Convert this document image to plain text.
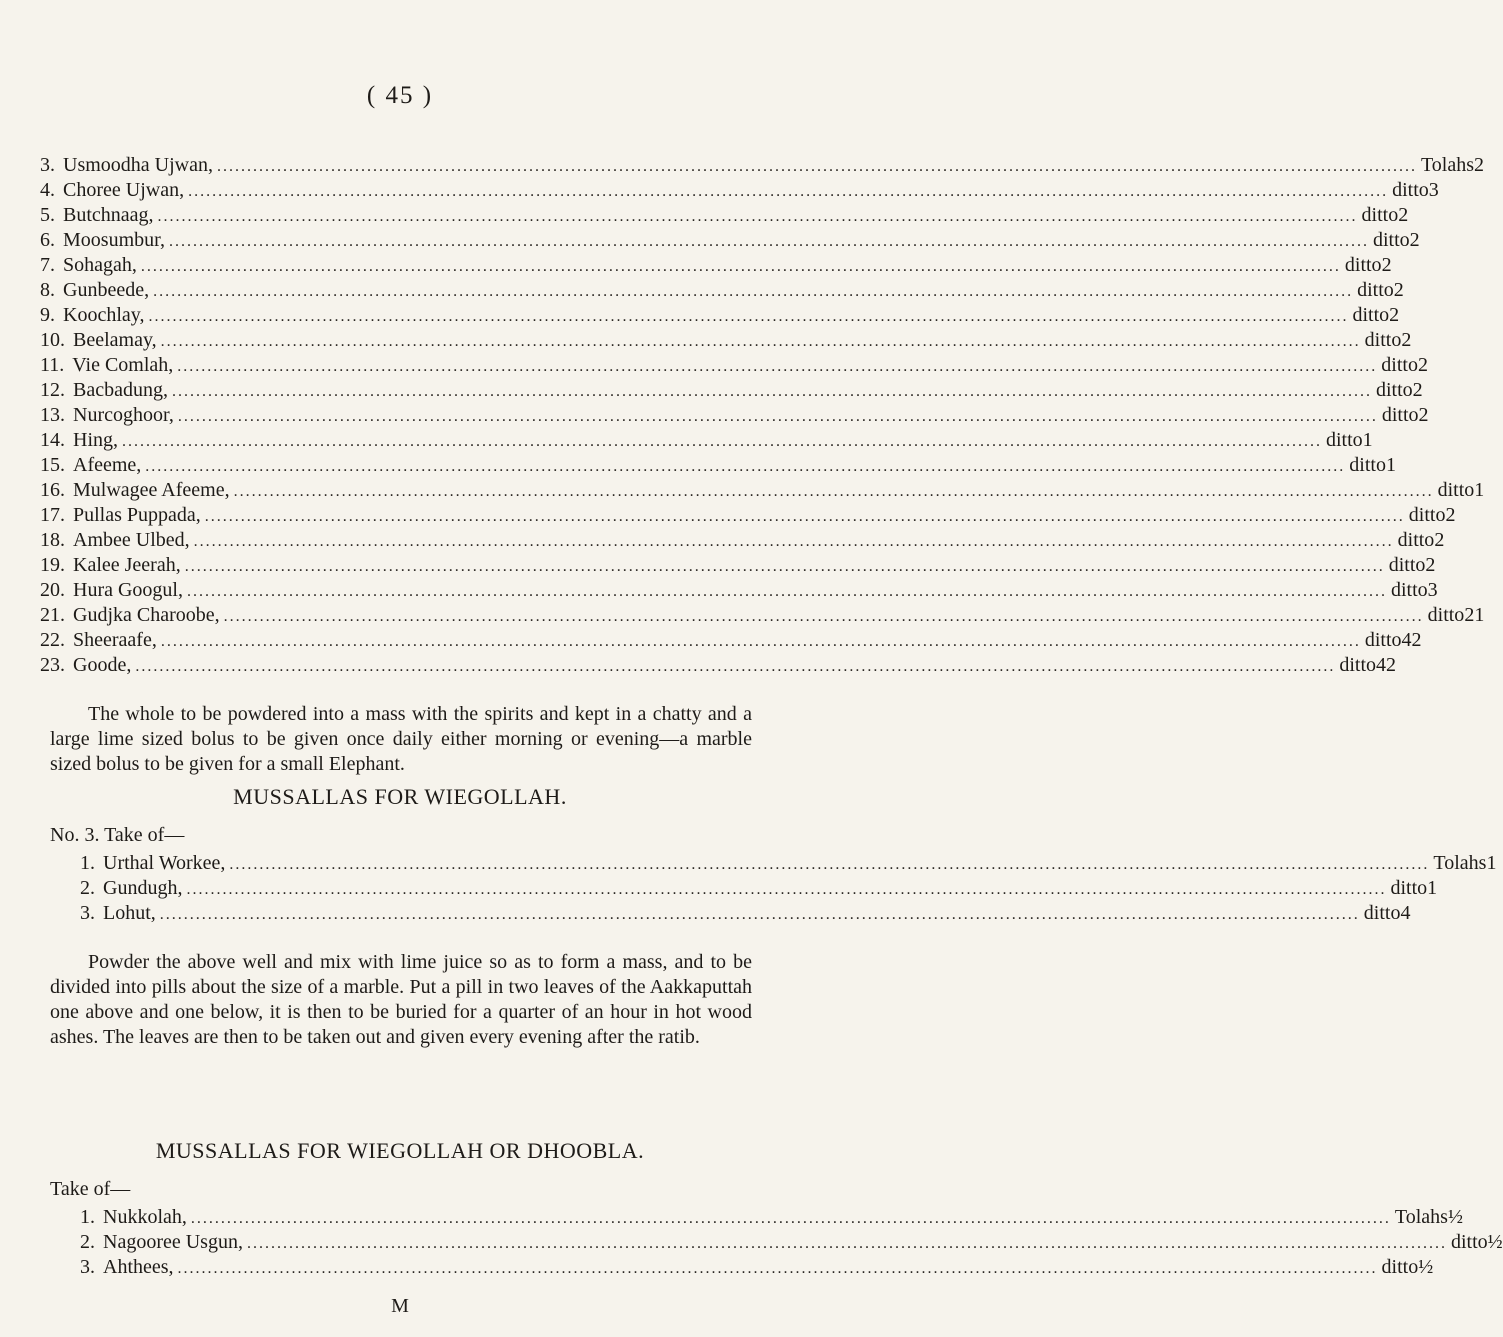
( 45 )
3. Usmoodha Ujwan, ........................................................................................................................................................................................................ Tolahs 2
4. Choree Ujwan, ........................................................................................................................................................................................................ ditto 3
5. Butchnaag, ........................................................................................................................................................................................................ ditto 2
6. Moosumbur, ........................................................................................................................................................................................................ ditto 2
7. Sohagah, ........................................................................................................................................................................................................ ditto 2
8. Gunbeede, ........................................................................................................................................................................................................ ditto 2
9. Koochlay, ........................................................................................................................................................................................................ ditto 2
10. Beelamay, ........................................................................................................................................................................................................ ditto 2
11. Vie Comlah, ........................................................................................................................................................................................................ ditto 2
12. Bacbadung, ........................................................................................................................................................................................................ ditto 2
13. Nurcoghoor, ........................................................................................................................................................................................................ ditto 2
14. Hing, ........................................................................................................................................................................................................ ditto 1
15. Afeeme, ........................................................................................................................................................................................................ ditto 1
16. Mulwagee Afeeme, ........................................................................................................................................................................................................ ditto 1
17. Pullas Puppada, ........................................................................................................................................................................................................ ditto 2
18. Ambee Ulbed, ........................................................................................................................................................................................................ ditto 2
19. Kalee Jeerah, ........................................................................................................................................................................................................ ditto 2
20. Hura Googul, ........................................................................................................................................................................................................ ditto 3
21. Gudjka Charoobe, ........................................................................................................................................................................................................ ditto 21
22. Sheeraafe, ........................................................................................................................................................................................................ ditto 42
23. Goode, ........................................................................................................................................................................................................ ditto 42
The whole to be powdered into a mass with the spirits and kept in a chatty and a large lime sized bolus to be given once daily either morning or evening—a marble sized bolus to be given for a small Elephant.
MUSSALLAS FOR WIEGOLLAH.
No. 3. Take of—
1. Urthal Workee, ........................................................................................................................................................................................................ Tolahs 1
2. Gundugh, ........................................................................................................................................................................................................ ditto 1
3. Lohut, ........................................................................................................................................................................................................ ditto 4
Powder the above well and mix with lime juice so as to form a mass, and to be divided into pills about the size of a marble. Put a pill in two leaves of the Aakkaputtah one above and one below, it is then to be buried for a quarter of an hour in hot wood ashes. The leaves are then to be taken out and given every evening after the ratib.
MUSSALLAS FOR WIEGOLLAH OR DHOOBLA.
Take of—
1. Nukkolah, ........................................................................................................................................................................................................ Tolahs ½
2. Nagooree Usgun, ........................................................................................................................................................................................................ ditto ½
3. Ahthees, ........................................................................................................................................................................................................ ditto ½
M
